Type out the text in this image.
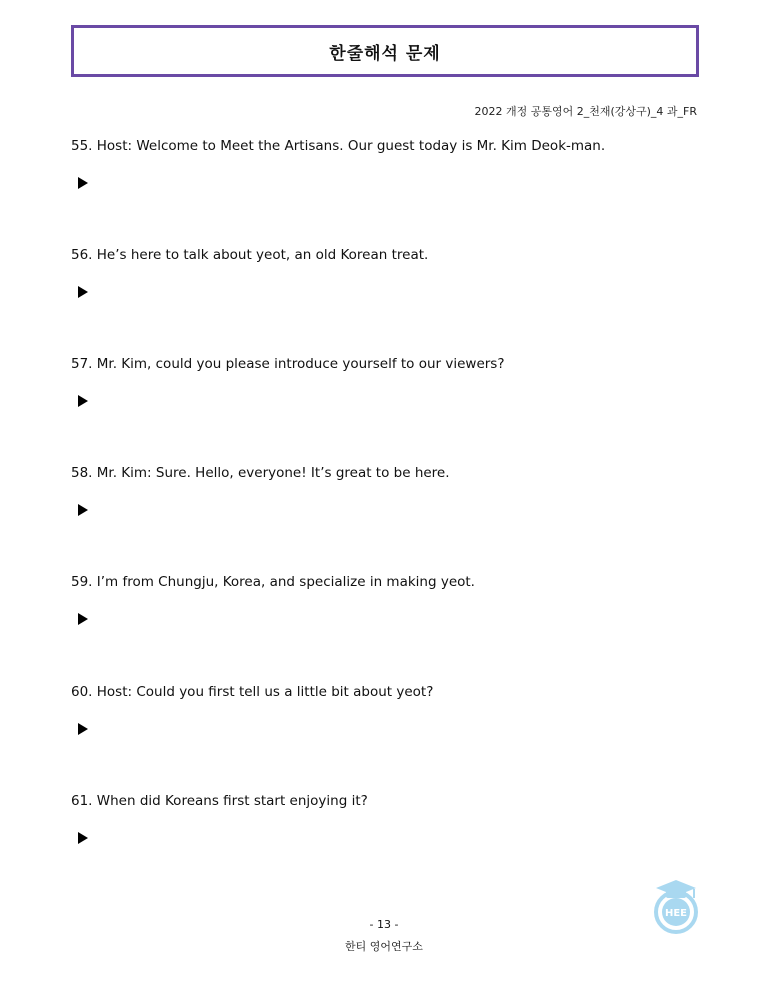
한줄해석 문제
2022 개정 공통영어 2_천재(강상구)_4 과_FR
55. Host: Welcome to Meet the Artisans. Our guest today is Mr. Kim Deok-man.
56. He’s here to talk about yeot, an old Korean treat.
57. Mr. Kim, could you please introduce yourself to our viewers?
58. Mr. Kim: Sure. Hello, everyone! It’s great to be here.
59. I’m from Chungju, Korea, and specialize in making yeot.
60. Host: Could you first tell us a little bit about yeot?
61. When did Koreans first start enjoying it?
- 13 -
한티 영어연구소
HEE
